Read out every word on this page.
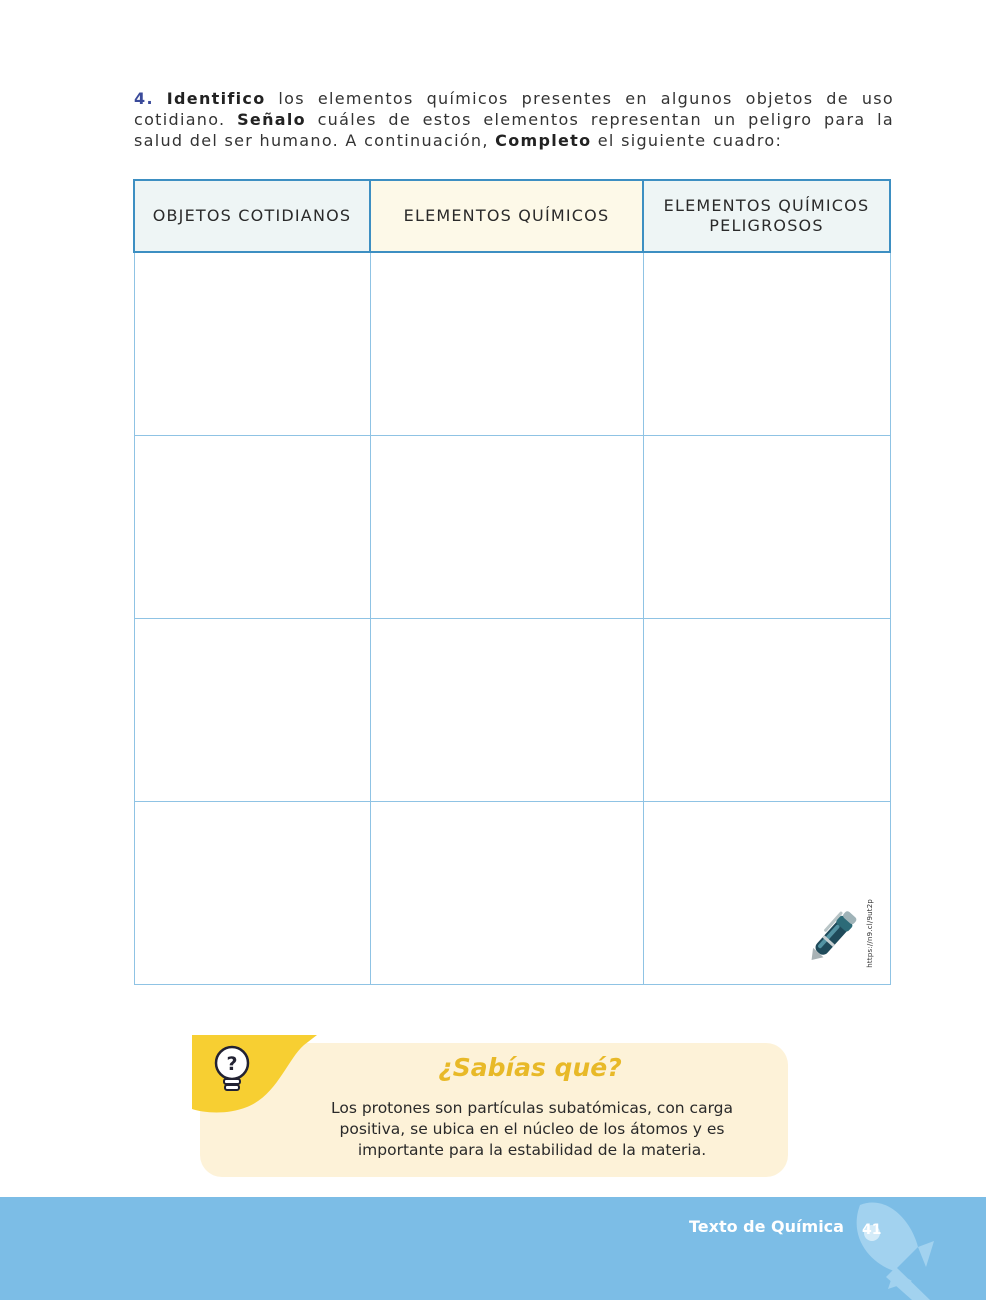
4. Identifico los elementos químicos presentes en algunos objetos de uso cotidiano. Señalo cuáles de estos elementos representan un peligro para la salud del ser humano. A continuación, Completo el siguiente cuadro:
OBJETOS COTIDIANOS	ELEMENTOS QUÍMICOS	ELEMENTOS QUÍMICOS PELIGROSOS

		https://n9.cl/9ut2p
?	¿Sabías qué?
Los protones son partículas subatómicas, con carga positiva, se ubica en el núcleo de los átomos y es importante para la estabilidad de la materia.
Texto de Química 41
